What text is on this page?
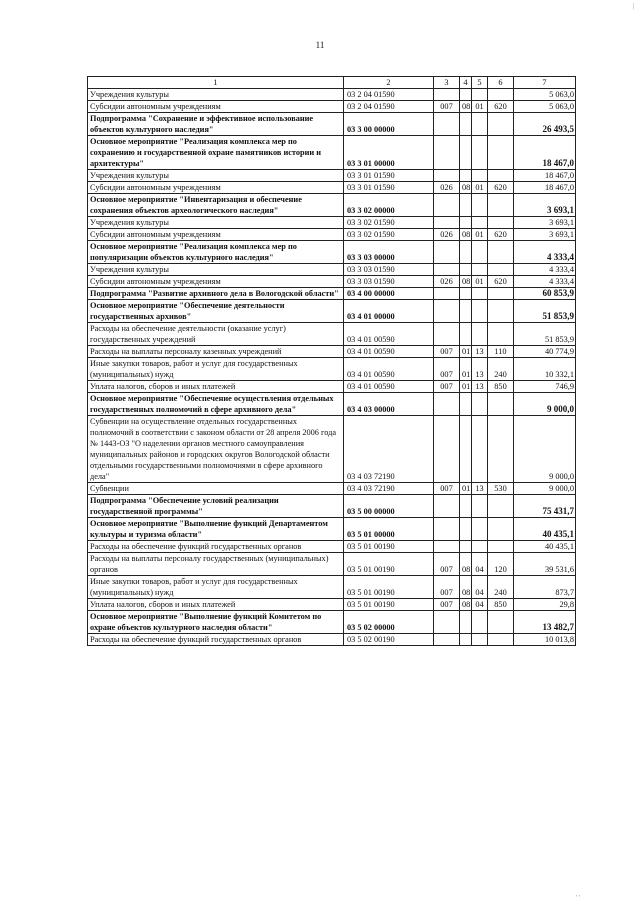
11
|
' '
1	2	3	4	5	6	7
Учреждения культуры	03 2 04 01590					5 063,0
Субсидии автономным учреждениям	03 2 04 01590	007	08	01	620	5 063,0
Подпрограмма "Сохранение и эффективное использование объектов культурного наследия"	03 3 00 00000					26 493,5
Основное мероприятие "Реализация комплекса мер по сохранению и государственной охране памятников истории и архитектуры"	03 3 01 00000					18 467,0
Учреждения культуры	03 3 01 01590					18 467,0
Субсидии автономным учреждениям	03 3 01 01590	026	08	01	620	18 467,0
Основное мероприятие "Инвентаризация и обеспечение сохранения объектов археологического наследия"	03 3 02 00000					3 693,1
Учреждения культуры	03 3 02 01590					3 693,1
Субсидии автономным учреждениям	03 3 02 01590	026	08	01	620	3 693,1
Основное мероприятие "Реализация комплекса мер по популяризации объектов культурного наследия"	03 3 03 00000					4 333,4
Учреждения культуры	03 3 03 01590					4 333,4
Субсидии автономным учреждениям	03 3 03 01590	026	08	01	620	4 333,4
Подпрограмма "Развитие архивного дела в Вологодской области"	03 4 00 00000					60 853,9
Основное мероприятие "Обеспечение деятельности государственных архивов"	03 4 01 00000					51 853,9
Расходы на обеспечение деятельности (оказание услуг) государственных учреждений	03 4 01 00590					51 853,9
Расходы на выплаты персоналу казенных учреждений	03 4 01 00590	007	01	13	110	40 774,9
Иные закупки товаров, работ и услуг для государственных (муниципальных) нужд	03 4 01 00590	007	01	13	240	10 332,1
Уплата налогов, сборов и иных платежей	03 4 01 00590	007	01	13	850	746,9
Основное мероприятие "Обеспечение осуществления отдельных государственных полномочий в сфере архивного дела"	03 4 03 00000					9 000,0
Субвенции на осуществление отдельных государственных полномочий в соответствии с законом области от 28 апреля 2006 года № 1443-ОЗ "О наделении органов местного самоуправления муниципальных районов и городских округов Вологодской области отдельными государственными полномочиями в сфере архивного дела"	03 4 03 72190					9 000,0
Субвенции	03 4 03 72190	007	01	13	530	9 000,0
Подпрограмма "Обеспечение условий реализации государственной программы"	03 5 00 00000					75 431,7
Основное мероприятие "Выполнение функций Департаментом культуры и туризма области"	03 5 01 00000					40 435,1
Расходы на обеспечение функций государственных органов	03 5 01 00190					40 435,1
Расходы на выплаты персоналу государственных (муниципальных) органов	03 5 01 00190	007	08	04	120	39 531,6
Иные закупки товаров, работ и услуг для государственных (муниципальных) нужд	03 5 01 00190	007	08	04	240	873,7
Уплата налогов, сборов и иных платежей	03 5 01 00190	007	08	04	850	29,8
Основное мероприятие "Выполнение функций Комитетом по охране объектов культурного наследия области"	03 5 02 00000					13 482,7
Расходы на обеспечение функций государственных органов	03 5 02 00190					10 013,8
